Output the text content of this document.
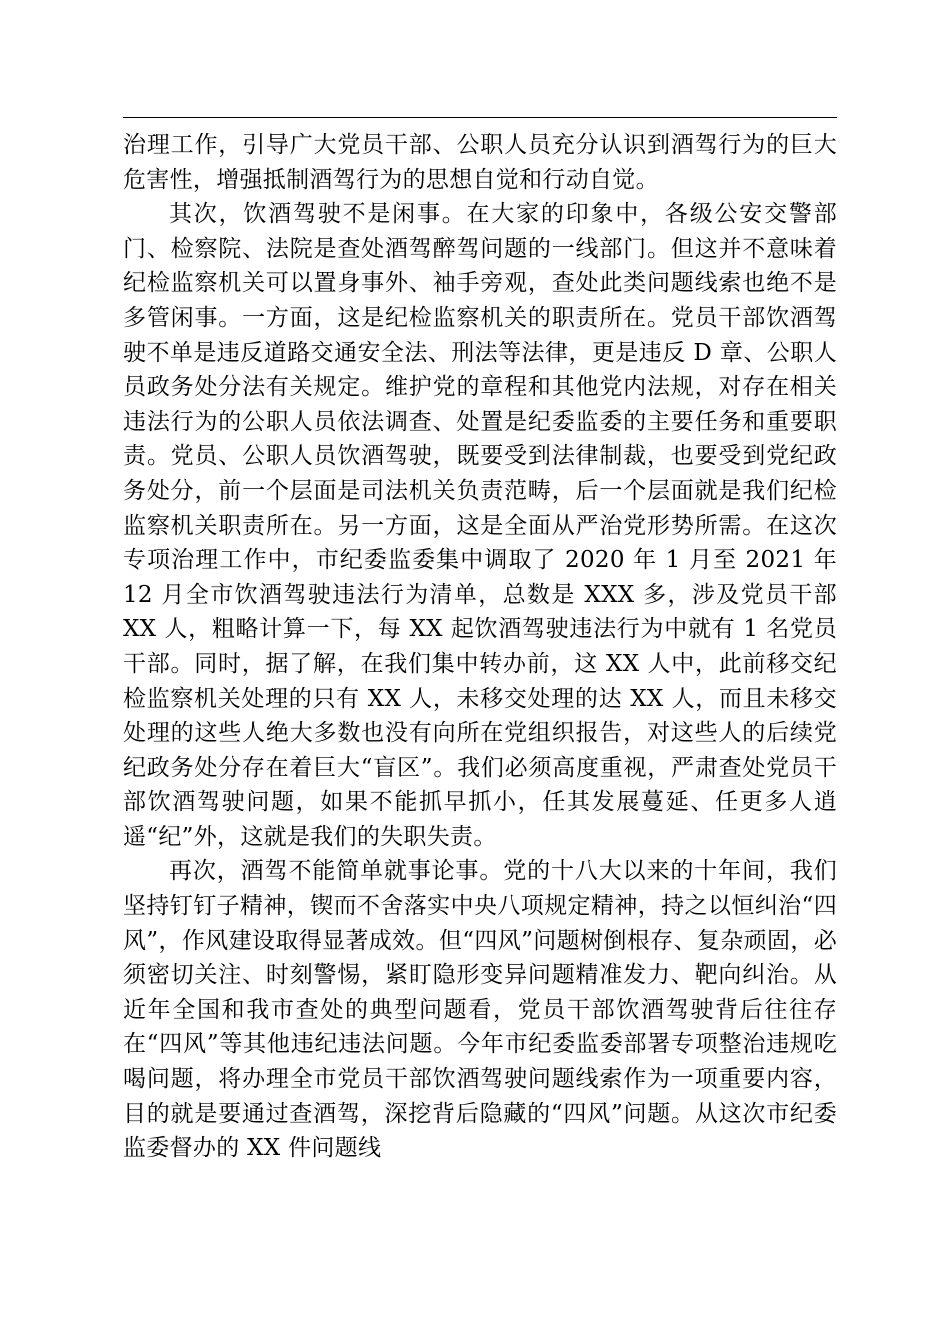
治理工作，引导广大党员干部、公职人员充分认识到酒驾行为的巨大危害性，增强抵制酒驾行为的思想自觉和行动自觉。

其次，饮酒驾驶不是闲事。在大家的印象中，各级公安交警部门、检察院、法院是查处酒驾醉驾问题的一线部门。但这并不意味着纪检监察机关可以置身事外、袖手旁观，查处此类问题线索也绝不是多管闲事。一方面，这是纪检监察机关的职责所在。党员干部饮酒驾驶不单是违反道路交通安全法、刑法等法律，更是违反 D 章、公职人员政务处分法有关规定。维护党的章程和其他党内法规，对存在相关违法行为的公职人员依法调查、处置是纪委监委的主要任务和重要职责。党员、公职人员饮酒驾驶，既要受到法律制裁，也要受到党纪政务处分，前一个层面是司法机关负责范畴，后一个层面就是我们纪检监察机关职责所在。另一方面，这是全面从严治党形势所需。在这次专项治理工作中，市纪委监委集中调取了 2020 年 1 月至 2021 年 12 月全市饮酒驾驶违法行为清单，总数是 XXX 多，涉及党员干部 XX 人，粗略计算一下，每 XX 起饮酒驾驶违法行为中就有 1 名党员干部。同时，据了解，在我们集中转办前，这 XX 人中，此前移交纪检监察机关处理的只有 XX 人，未移交处理的达 XX 人，而且未移交处理的这些人绝大多数也没有向所在党组织报告，对这些人的后续党纪政务处分存在着巨大“盲区”。我们必须高度重视，严肃查处党员干部饮酒驾驶问题，如果不能抓早抓小，任其发展蔓延、任更多人逍遥“纪”外，这就是我们的失职失责。

再次，酒驾不能简单就事论事。党的十八大以来的十年间，我们坚持钉钉子精神，锲而不舍落实中央八项规定精神，持之以恒纠治“四风”，作风建设取得显著成效。但“四风”问题树倒根存、复杂顽固，必须密切关注、时刻警惕，紧盯隐形变异问题精准发力、靶向纠治。从近年全国和我市查处的典型问题看，党员干部饮酒驾驶背后往往存在“四风”等其他违纪违法问题。今年市纪委监委部署专项整治违规吃喝问题，将办理全市党员干部饮酒驾驶问题线索作为一项重要内容，目的就是要通过查酒驾，深挖背后隐藏的“四风”问题。从这次市纪委监委督办的 XX 件问题线
